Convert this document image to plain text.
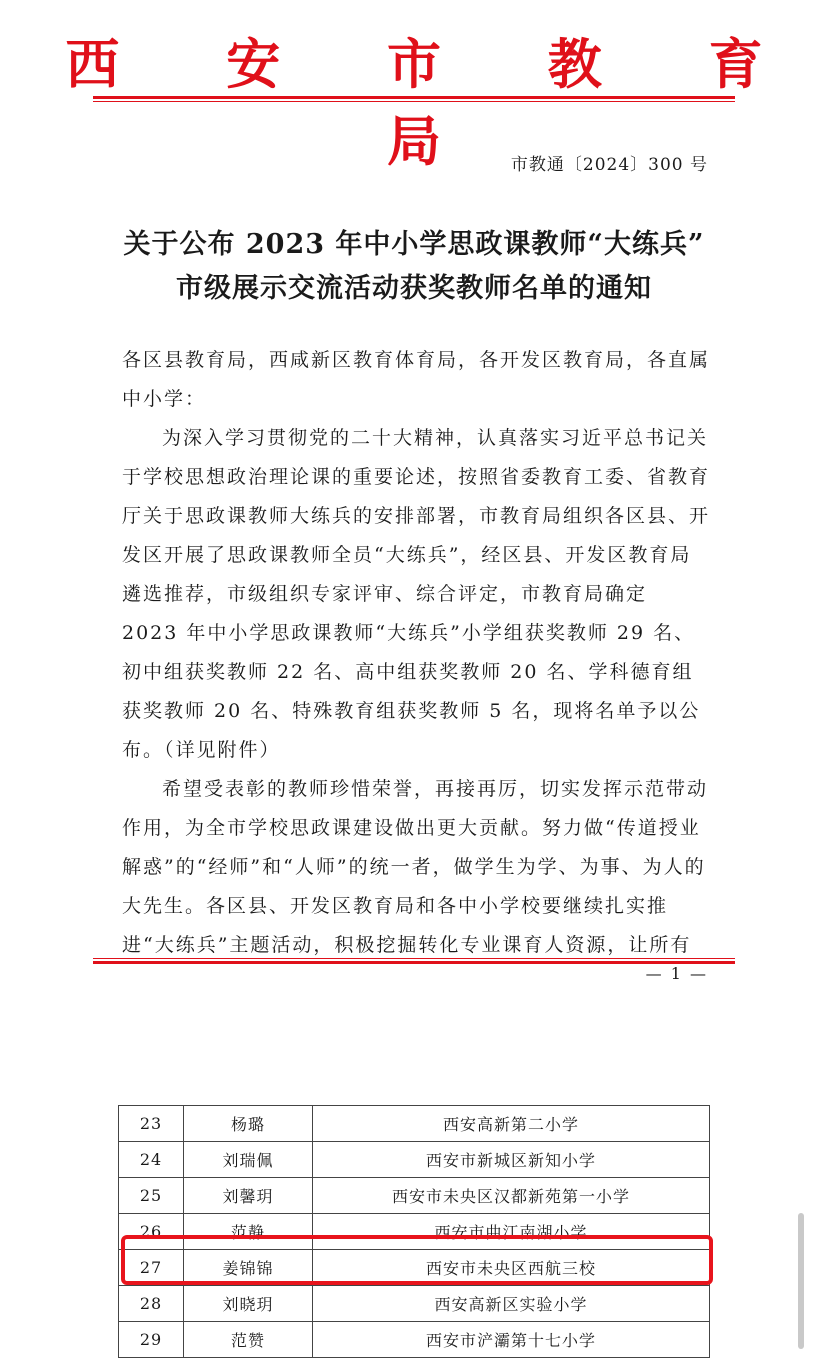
西 安 市 教 育 局	市教通〔2024〕300 号
关于公布 2023 年中小学思政课教师“大练兵”
市级展示交流活动获奖教师名单的通知

各区县教育局，西咸新区教育体育局，各开发区教育局，各直属中小学：

为深入学习贯彻党的二十大精神，认真落实习近平总书记关于学校思想政治理论课的重要论述，按照省委教育工委、省教育厅关于思政课教师大练兵的安排部署，市教育局组织各区县、开发区开展了思政课教师全员“大练兵”，经区县、开发区教育局遴选推荐，市级组织专家评审、综合评定，市教育局确定 2023 年中小学思政课教师“大练兵”小学组获奖教师 29 名、初中组获奖教师 22 名、高中组获奖教师 20 名、学科德育组获奖教师 20 名、特殊教育组获奖教师 5 名，现将名单予以公布。（详见附件）

希望受表彰的教师珍惜荣誉，再接再厉，切实发挥示范带动作用，为全市学校思政课建设做出更大贡献。努力做“传道授业解惑”的“经师”和“人师”的统一者，做学生为学、为事、为人的大先生。各区县、开发区教育局和各中小学校要继续扎实推进“大练兵”主题活动，积极挖掘转化专业课育人资源，让所有

— 1 —
23	杨璐	西安高新第二小学
24	刘瑞佩	西安市新城区新知小学
25	刘馨玥	西安市未央区汉都新苑第一小学
26	范静	西安市曲江南湖小学
27	姜锦锦	西安市未央区西航三校
28	刘晓玥	西安高新区实验小学
29	范赞	西安市浐灞第十七小学
